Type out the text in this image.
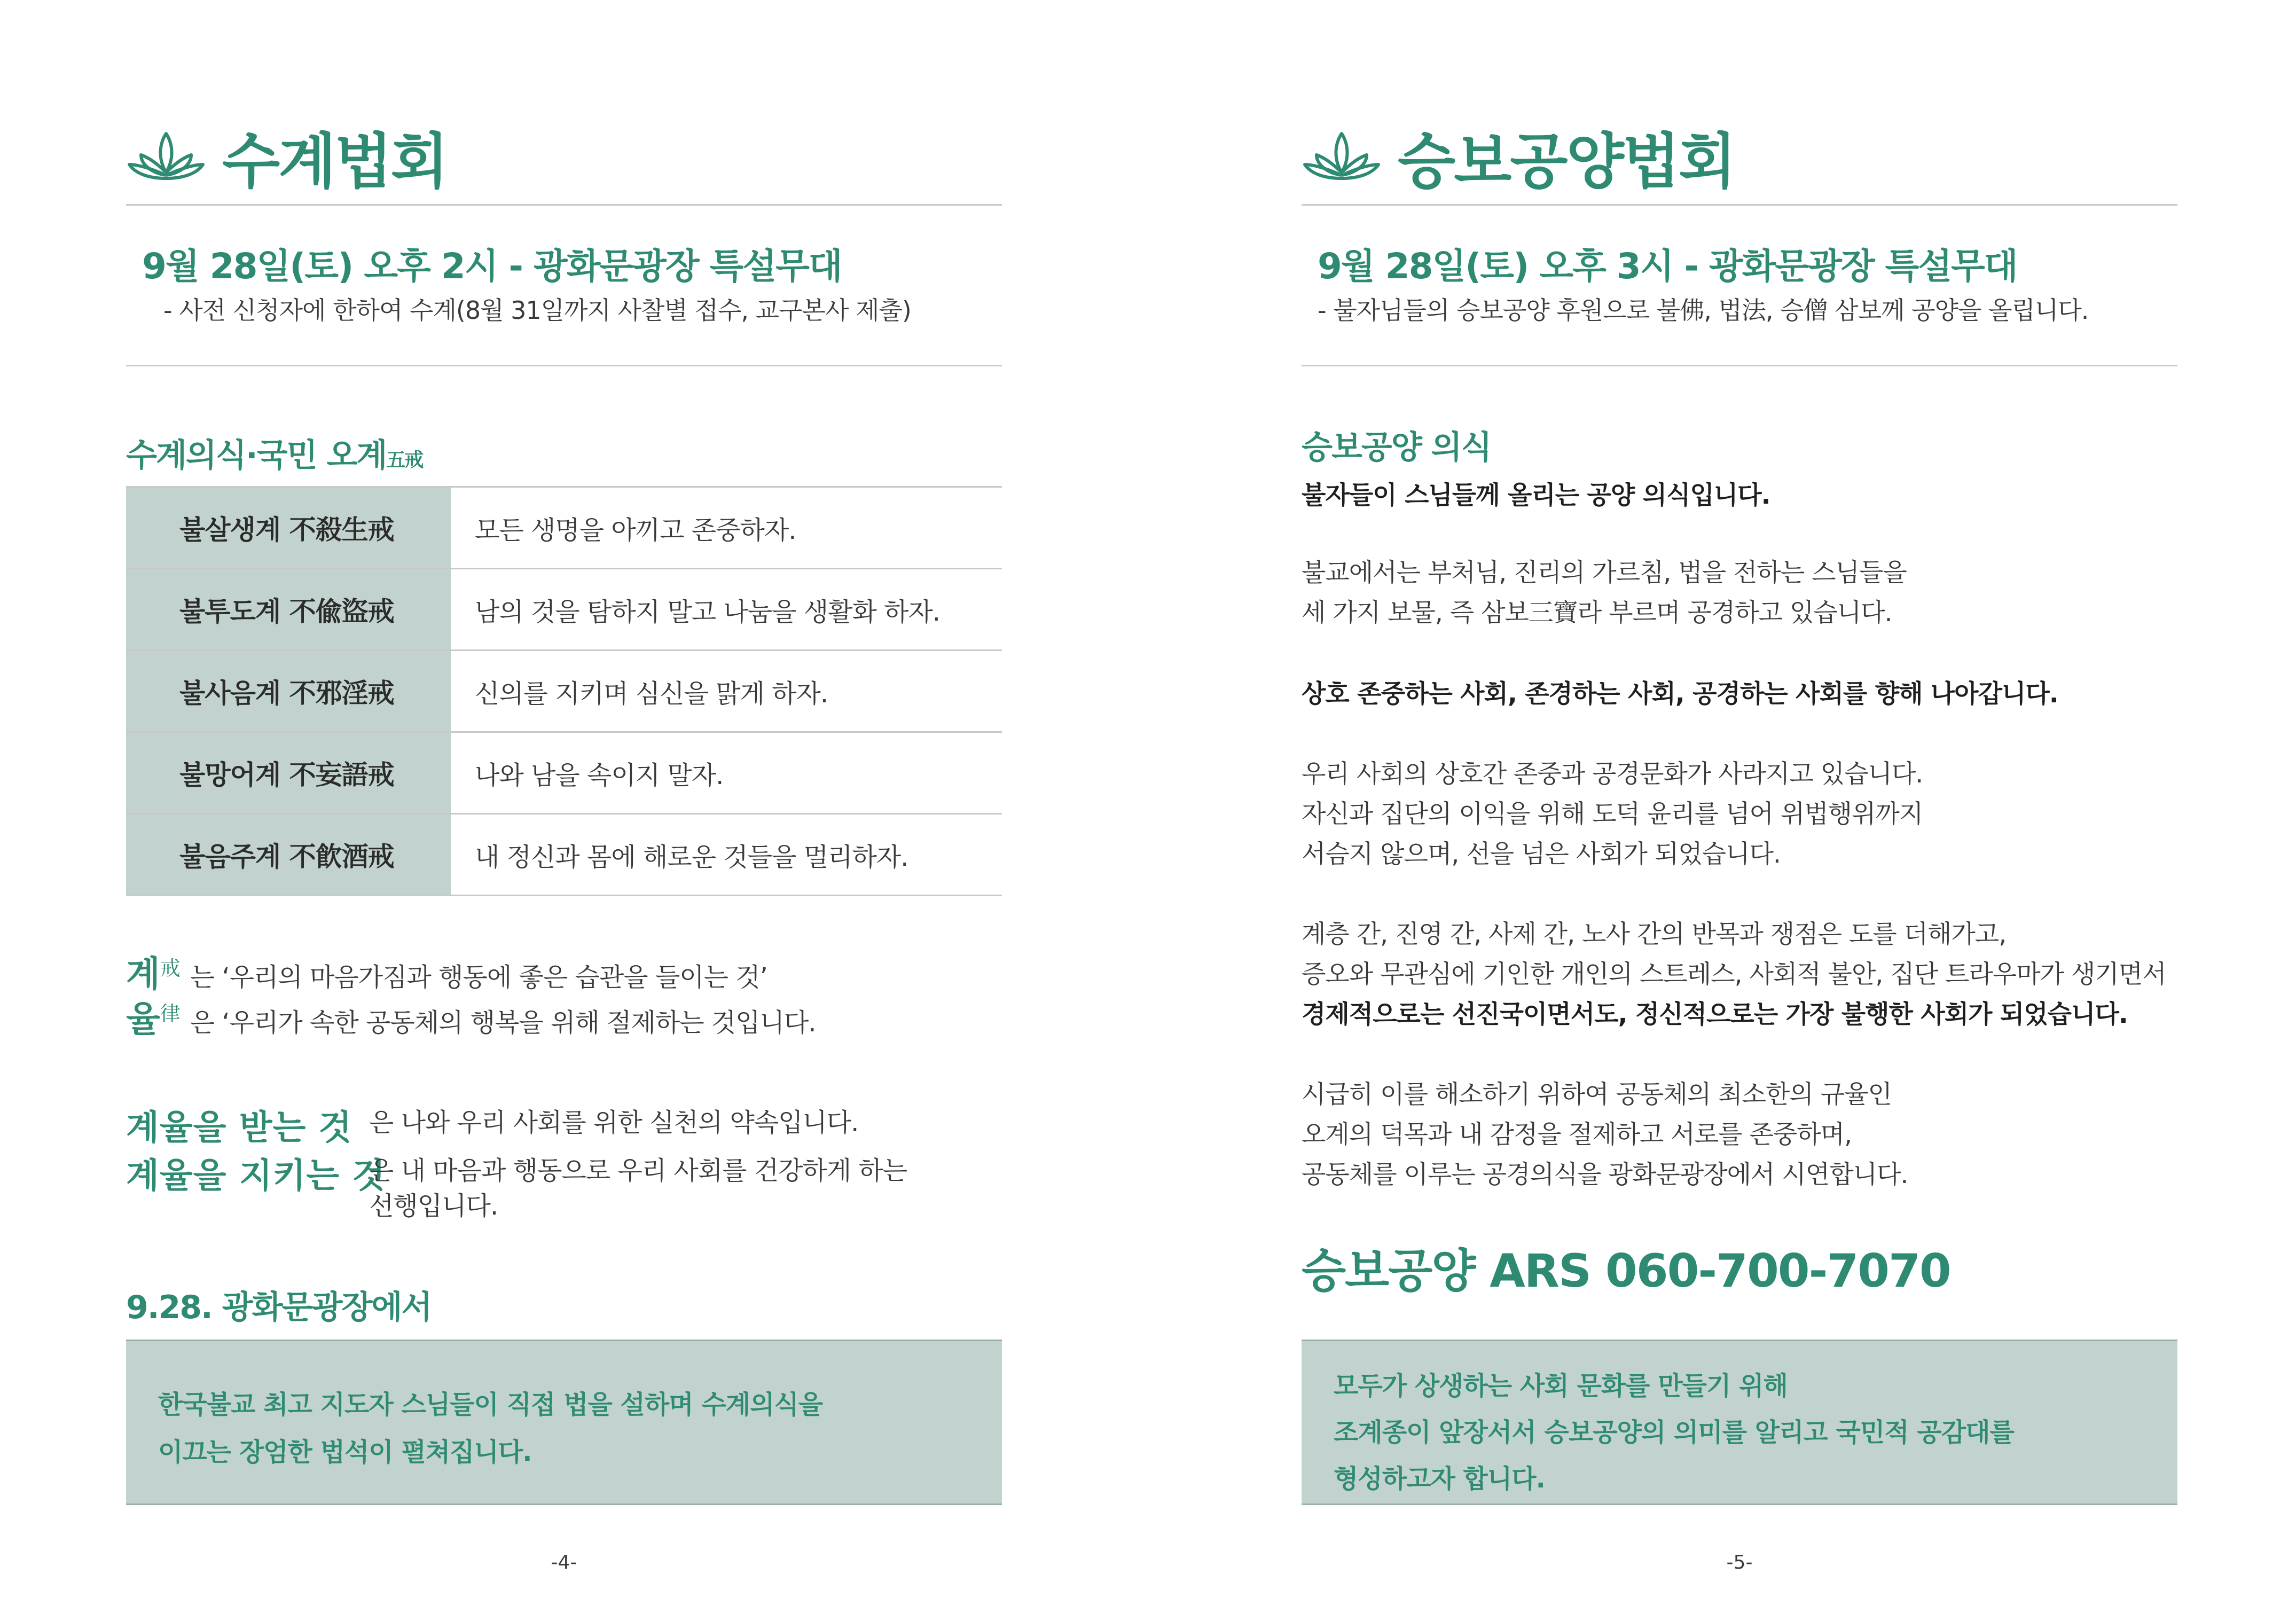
수계법회
9월 28일(토) 오후 2시 - 광화문광장 특설무대
- 사전 신청자에 한하여 수계(8월 31일까지 사찰별 접수, 교구본사 제출)
수계의식·국민 오계五戒
불살생계 不殺生戒	모든 생명을 아끼고 존중하자.
불투도계 不偸盜戒	남의 것을 탐하지 말고 나눔을 생활화 하자.
불사음계 不邪淫戒	신의를 지키며 심신을 맑게 하자.
불망어계 不妄語戒	나와 남을 속이지 말자.
불음주계 不飮酒戒	내 정신과 몸에 해로운 것들을 멀리하자.
계戒 는 ‘우리의 마음가짐과 행동에 좋은 습관을 들이는 것’
율律 은 ‘우리가 속한 공동체의 행복을 위해 절제하는 것입니다.
계율을 받는 것 은 나와 우리 사회를 위한 실천의 약속입니다.
계율을 지키는 것
은 내 마음과 행동으로 우리 사회를 건강하게 하는
선행입니다.
9.28. 광화문광장에서

한국불교 최고 지도자 스님들이 직접 법을 설하며 수계의식을

이끄는 장엄한 법석이 펼쳐집니다.

-4-
승보공양법회
9월 28일(토) 오후 3시 - 광화문광장 특설무대
- 불자님들의 승보공양 후원으로 불佛, 법法, 승僧 삼보께 공양을 올립니다.
승보공양 의식
불자들이 스님들께 올리는 공양 의식입니다.

불교에서는 부처님, 진리의 가르침, 법을 전하는 스님들을

세 가지 보물, 즉 삼보三寶라 부르며 공경하고 있습니다.

상호 존중하는 사회, 존경하는 사회, 공경하는 사회를 향해 나아갑니다.

우리 사회의 상호간 존중과 공경문화가 사라지고 있습니다.

자신과 집단의 이익을 위해 도덕 윤리를 넘어 위법행위까지

서슴지 않으며, 선을 넘은 사회가 되었습니다.

계층 간, 진영 간, 사제 간, 노사 간의 반목과 쟁점은 도를 더해가고,

증오와 무관심에 기인한 개인의 스트레스, 사회적 불안, 집단 트라우마가 생기면서

경제적으로는 선진국이면서도, 정신적으로는 가장 불행한 사회가 되었습니다.

시급히 이를 해소하기 위하여 공동체의 최소한의 규율인

오계의 덕목과 내 감정을 절제하고 서로를 존중하며,

공동체를 이루는 공경의식을 광화문광장에서 시연합니다.

승보공양 ARS 060-700-7070

모두가 상생하는 사회 문화를 만들기 위해

조계종이 앞장서서 승보공양의 의미를 알리고 국민적 공감대를

형성하고자 합니다.

-5-
